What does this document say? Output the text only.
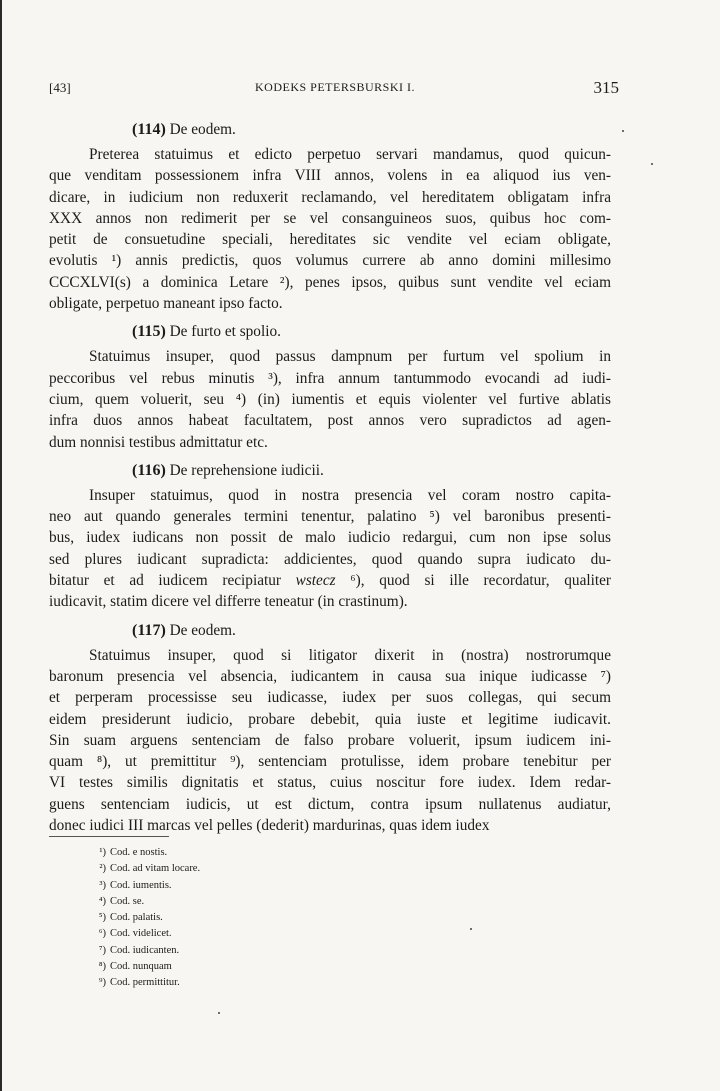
[43]	KODEKS PETERSBURSKI I.	315
(114) De eodem.
Preterea statuimus et edicto perpetuo servari mandamus, quod quicun-
que venditam possessionem infra VIII annos, volens in ea aliquod ius ven-
dicare, in iudicium non reduxerit reclamando, vel hereditatem obligatam infra
XXX annos non redimerit per se vel consanguineos suos, quibus hoc com-
petit de consuetudine speciali, hereditates sic vendite vel eciam obligate,
evolutis ¹) annis predictis, quos volumus currere ab anno domini millesimo
CCCXLVI(s) a dominica Letare ²), penes ipsos, quibus sunt vendite vel eciam
obligate, perpetuo maneant ipso facto.
(115) De furto et spolio.
Statuimus insuper, quod passus dampnum per furtum vel spolium in
peccoribus vel rebus minutis ³), infra annum tantummodo evocandi ad iudi-
cium, quem voluerit, seu ⁴) (in) iumentis et equis violenter vel furtive ablatis
infra duos annos habeat facultatem, post annos vero supradictos ad agen-
dum nonnisi testibus admittatur etc.
(116) De reprehensione iudicii.
Insuper statuimus, quod in nostra presencia vel coram nostro capita-
neo aut quando generales termini tenentur, palatino ⁵) vel baronibus presenti-
bus, iudex iudicans non possit de malo iudicio redargui, cum non ipse solus
sed plures iudicant supradicta: addicientes, quod quando supra iudicato du-
bitatur et ad iudicem recipiatur wstecz ⁶), quod si ille recordatur, qualiter
iudicavit, statim dicere vel differre teneatur (in crastinum).
(117) De eodem.
Statuimus insuper, quod si litigator dixerit in (nostra) nostrorumque
baronum presencia vel absencia, iudicantem in causa sua inique iudicasse ⁷)
et perperam processisse seu iudicasse, iudex per suos collegas, qui secum
eidem presiderunt iudicio, probare debebit, quia iuste et legitime iudicavit.
Sin suam arguens sentenciam de falso probare voluerit, ipsum iudicem ini-
quam ⁸), ut premittitur ⁹), sentenciam protulisse, idem probare tenebitur per
VI testes similis dignitatis et status, cuius noscitur fore iudex. Idem redar-
guens sentenciam iudicis, ut est dictum, contra ipsum nullatenus audiatur,
donec iudici III marcas vel pelles (dederit) mardurinas, quas idem iudex
¹) Cod. e nostis.
²) Cod. ad vitam locare.
³) Cod. iumentis.
⁴) Cod. se.
⁵) Cod. palatis.
⁶) Cod. videlicet.
⁷) Cod. iudicanten.
⁸) Cod. nunquam
⁹) Cod. permittitur.
